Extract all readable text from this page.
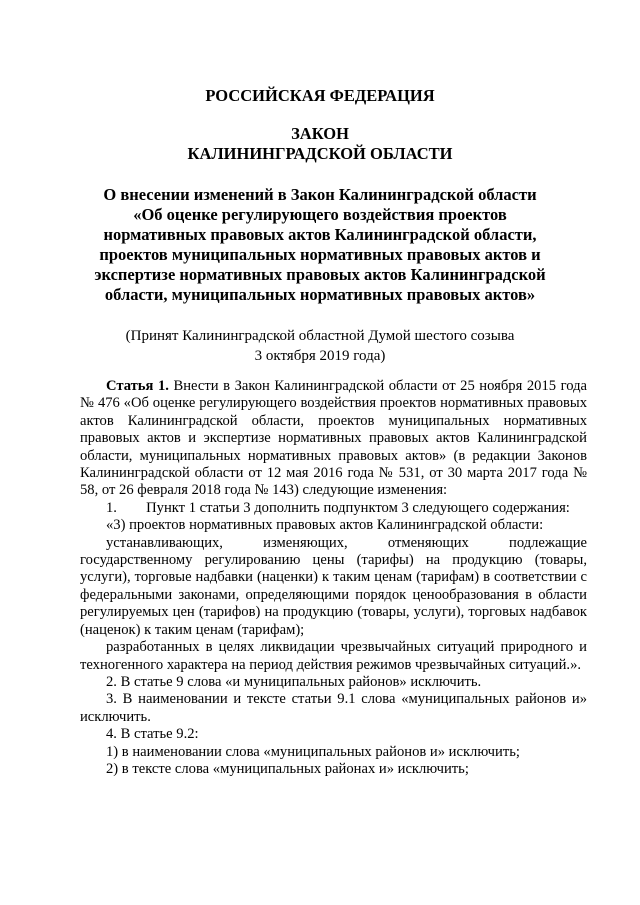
РОССИЙСКАЯ ФЕДЕРАЦИЯ
ЗАКОН
КАЛИНИНГРАДСКОЙ ОБЛАСТИ
О внесении изменений в Закон Калининградской области
«Об оценке регулирующего воздействия проектов
нормативных правовых актов Калининградской области,
проектов муниципальных нормативных правовых актов и
экспертизе нормативных правовых актов Калининградской
области, муниципальных нормативных правовых актов»
(Принят Калининградской областной Думой шестого созыва
3 октября 2019 года)

Статья 1. Внести в Закон Калининградской области от 25 ноября 2015 года № 476 «Об оценке регулирующего воздействия проектов нормативных правовых актов Калининградской области, проектов муниципальных нормативных правовых актов и экспертизе нормативных правовых актов Калининградской области, муниципальных нормативных правовых актов» (в редакции Законов Калининградской области от 12 мая 2016 года № 531, от 30 марта 2017 года № 58, от 26 февраля 2018 года № 143) следующие изменения:

1.  Пункт 1 статьи 3 дополнить подпунктом 3 следующего содержания:

«3) проектов нормативных правовых актов Калининградской области:

устанавливающих, изменяющих, отменяющих подлежащие государственному регулированию цены (тарифы) на продукцию (товары, услуги), торговые надбавки (наценки) к таким ценам (тарифам) в соответствии с федеральными законами, определяющими порядок ценообразования в области регулируемых цен (тарифов) на продукцию (товары, услуги), торговых надбавок (наценок) к таким ценам (тарифам);

разработанных в целях ликвидации чрезвычайных ситуаций природного и техногенного характера на период действия режимов чрезвычайных ситуаций.».

2. В статье 9 слова «и муниципальных районов» исключить.

3. В наименовании и тексте статьи 9.1 слова «муниципальных районов и» исключить.

4. В статье 9.2:

1) в наименовании слова «муниципальных районов и» исключить;

2) в тексте слова «муниципальных районах и» исключить;
